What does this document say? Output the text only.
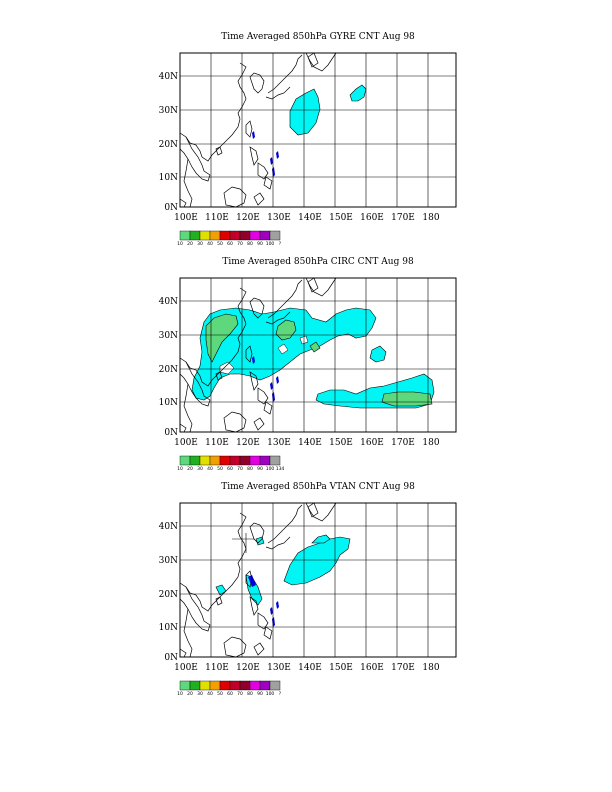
Time Averaged 850hPa GYRE CNT Aug 98
Time Averaged 850hPa CIRC CNT Aug 98
Time Averaged 850hPa VTAN CNT Aug 98
40N
30N
20N
10N
0N
100E 110E 120E 130E 140E 150E 160E 170E 180
10 20 30 40 50 60 70 80 90 100 ?
40N
30N
20N
10N
0N
100E 110E 120E 130E 140E 150E 160E 170E 180
10 20 30 40 50 60 70 80 90 100 134
40N
30N
20N
10N
0N
100E 110E 120E 130E 140E 150E 160E 170E 180
10 20 30 40 50 60 70 80 90 100 ?
